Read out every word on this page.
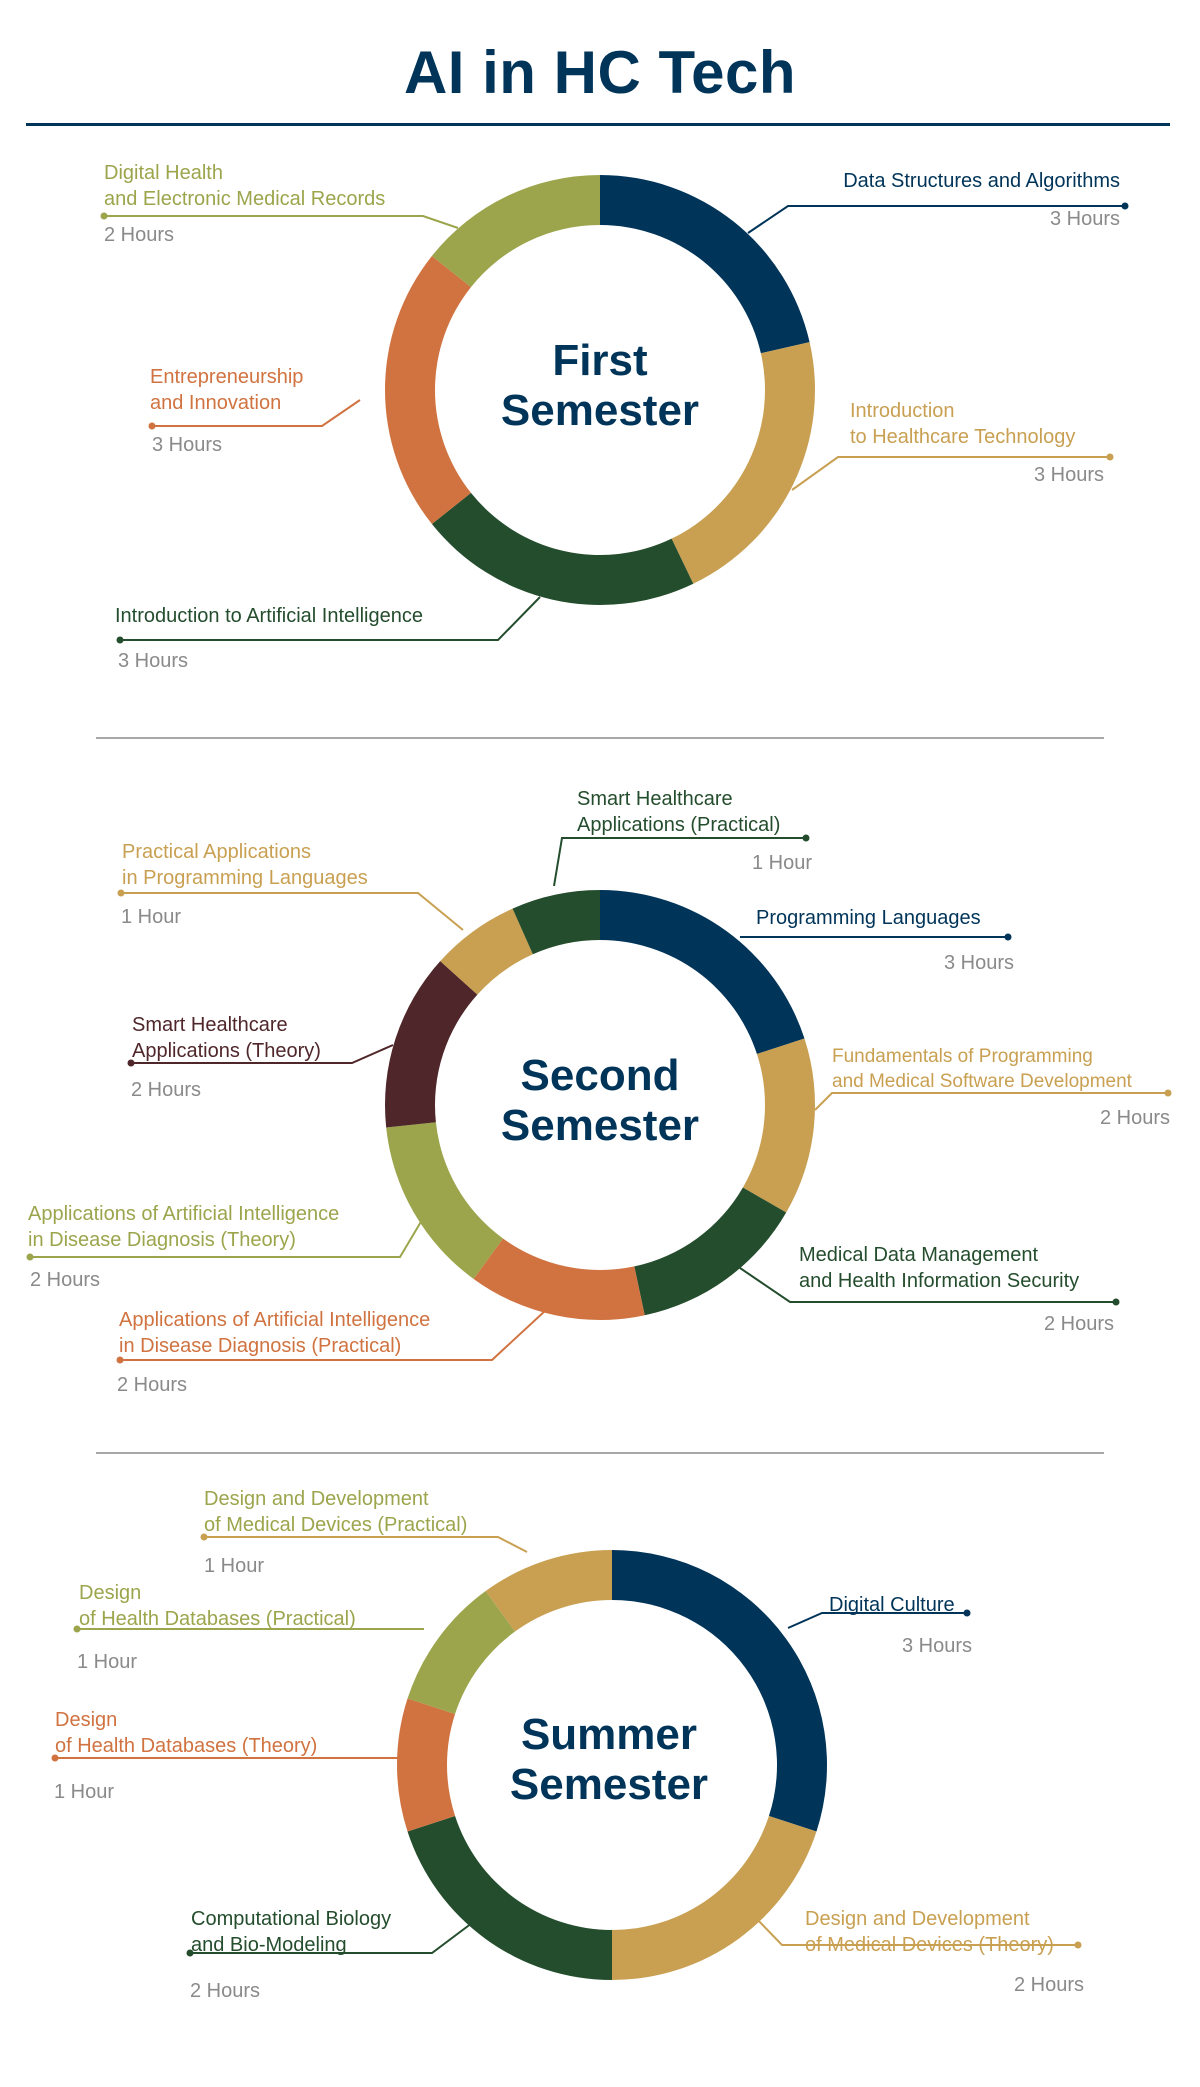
AI in HC Tech
First
Semester
Second
Semester
Summer
Semester
Data Structures and Algorithms
3 Hours
Introduction
to Healthcare Technology
3 Hours
Introduction to Artificial Intelligence
3 Hours
Entrepreneurship
and Innovation
3 Hours
Digital Health
and Electronic Medical Records
2 Hours
Programming Languages
3 Hours
Fundamentals of Programming
and Medical Software Development
2 Hours
Medical Data Management
and Health Information Security
2 Hours
Applications of Artificial Intelligence
in Disease Diagnosis (Practical)
2 Hours
Applications of Artificial Intelligence
in Disease Diagnosis (Theory)
2 Hours
Smart Healthcare
Applications (Theory)
2 Hours
Practical Applications
in Programming Languages
1 Hour
Smart Healthcare
Applications (Practical)
1 Hour
Digital Culture
3 Hours
Design and Development
of Medical Devices (Theory)
2 Hours
Computational Biology
and Bio-Modeling
2 Hours
Design
of Health Databases (Theory)
1 Hour
Design
of Health Databases (Practical)
1 Hour
Design and Development
of Medical Devices (Practical)
1 Hour
